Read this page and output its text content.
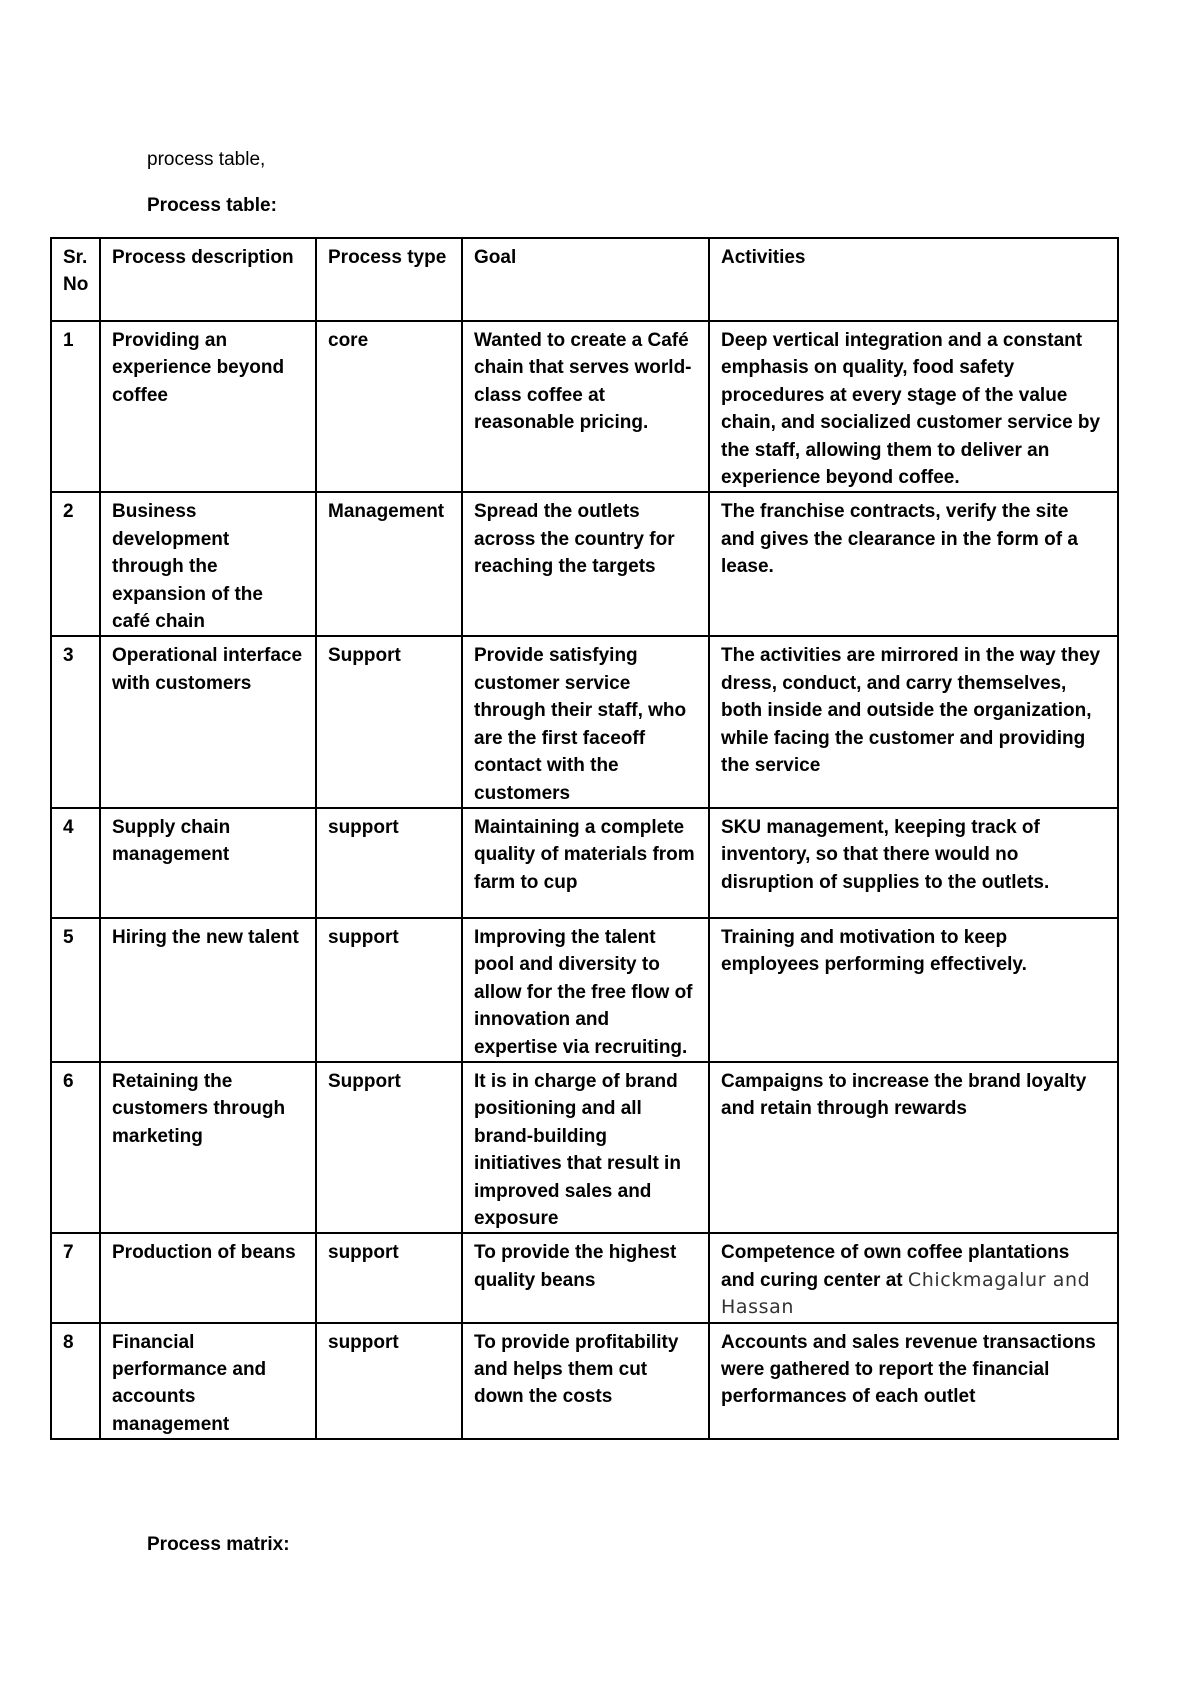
process table,
Process table:
Sr. No	Process description	Process type	Goal	Activities
1	Providing an experience beyond coffee	core	Wanted to create a Café chain that serves world-class coffee at reasonable pricing.	Deep vertical integration and a constant emphasis on quality, food safety procedures at every stage of the value chain, and socialized customer service by the staff, allowing them to deliver an experience beyond coffee.
2	Business development through the expansion of the café chain	Management	Spread the outlets across the country for reaching the targets	The franchise contracts, verify the site and gives the clearance in the form of a lease.
3	Operational interface with customers	Support	Provide satisfying customer service through their staff, who are the first faceoff contact with the customers	The activities are mirrored in the way they dress, conduct, and carry themselves, both inside and outside the organization, while facing the customer and providing the service
4	Supply chain management	support	Maintaining a complete quality of materials from farm to cup	SKU management, keeping track of inventory, so that there would no disruption of supplies to the outlets.
5	Hiring the new talent	support	Improving the talent pool and diversity to allow for the free flow of innovation and expertise via recruiting.	Training and motivation to keep employees performing effectively.
6	Retaining the customers through marketing	Support	It is in charge of brand positioning and all brand-building initiatives that result in improved sales and exposure	Campaigns to increase the brand loyalty and retain through rewards
7	Production of beans	support	To provide the highest quality beans	Competence of own coffee plantations and curing center at Chickmagalur and Hassan
8	Financial performance and accounts management	support	To provide profitability and helps them cut down the costs	Accounts and sales revenue transactions were gathered to report the financial performances of each outlet
Process matrix:
